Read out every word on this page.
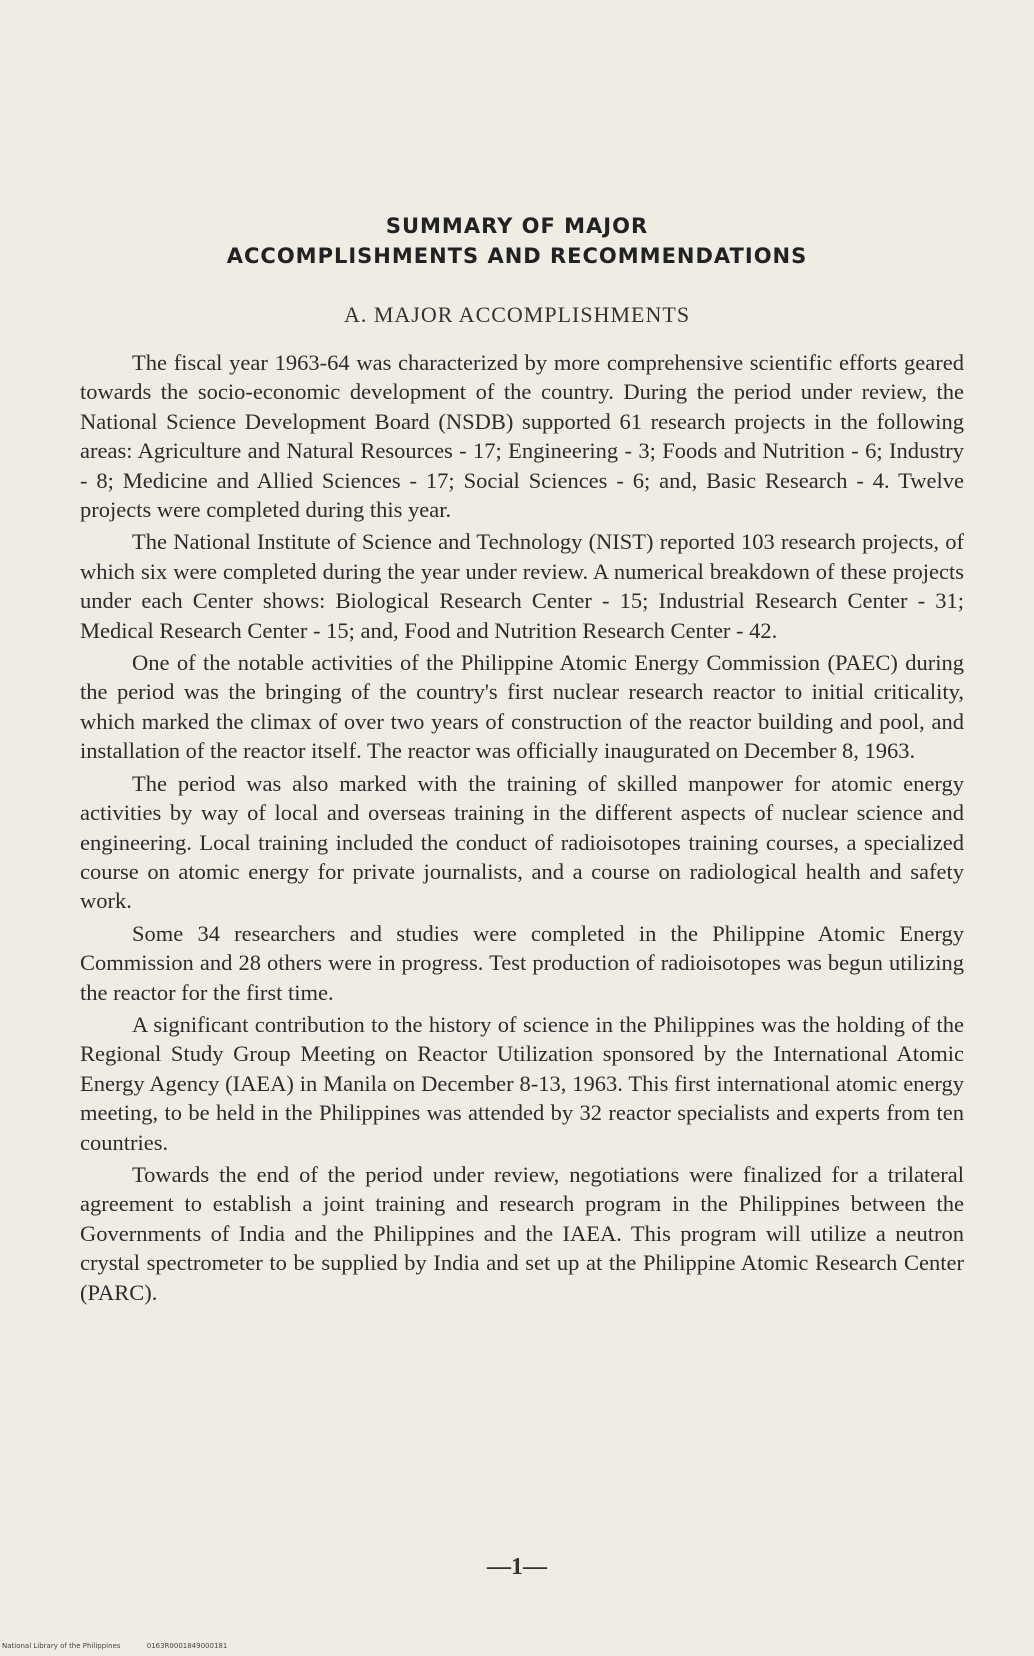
SUMMARY OF MAJOR
ACCOMPLISHMENTS AND RECOMMENDATIONS
A. MAJOR ACCOMPLISHMENTS

The fiscal year 1963-64 was characterized by more comprehensive scientific efforts geared towards the socio-economic development of the country. During the period under review, the National Science Development Board (NSDB) supported 61 research projects in the following areas: Agriculture and Natural Resources - 17; Engineering - 3; Foods and Nutrition - 6; Industry - 8; Medicine and Allied Sciences - 17; Social Sciences - 6; and, Basic Research - 4. Twelve projects were completed during this year.

The National Institute of Science and Technology (NIST) reported 103 research projects, of which six were completed during the year under review. A numerical breakdown of these projects under each Center shows: Biological Research Center - 15; Industrial Research Center - 31; Medical Research Center - 15; and, Food and Nutrition Research Center - 42.

One of the notable activities of the Philippine Atomic Energy Commission (PAEC) during the period was the bringing of the country's first nuclear research reactor to initial criticality, which marked the climax of over two years of construction of the reactor building and pool, and installation of the reactor itself. The reactor was officially inaugurated on December 8, 1963.

The period was also marked with the training of skilled manpower for atomic energy activities by way of local and overseas training in the different aspects of nuclear science and engineering. Local training included the conduct of radioisotopes training courses, a specialized course on atomic energy for private journalists, and a course on radiological health and safety work.

Some 34 researchers and studies were completed in the Philippine Atomic Energy Commission and 28 others were in progress. Test production of radioisotopes was begun utilizing the reactor for the first time.

A significant contribution to the history of science in the Philippines was the holding of the Regional Study Group Meeting on Reactor Utilization sponsored by the International Atomic Energy Agency (IAEA) in Manila on December 8-13, 1963. This first international atomic energy meeting, to be held in the Philippines was attended by 32 reactor specialists and experts from ten countries.

Towards the end of the period under review, negotiations were finalized for a trilateral agreement to establish a joint training and research program in the Philippines between the Governments of India and the Philippines and the IAEA. This program will utilize a neutron crystal spectrometer to be supplied by India and set up at the Philippine Atomic Research Center (PARC).

—1—
National Library of the Philippines	0163R0001849000181
